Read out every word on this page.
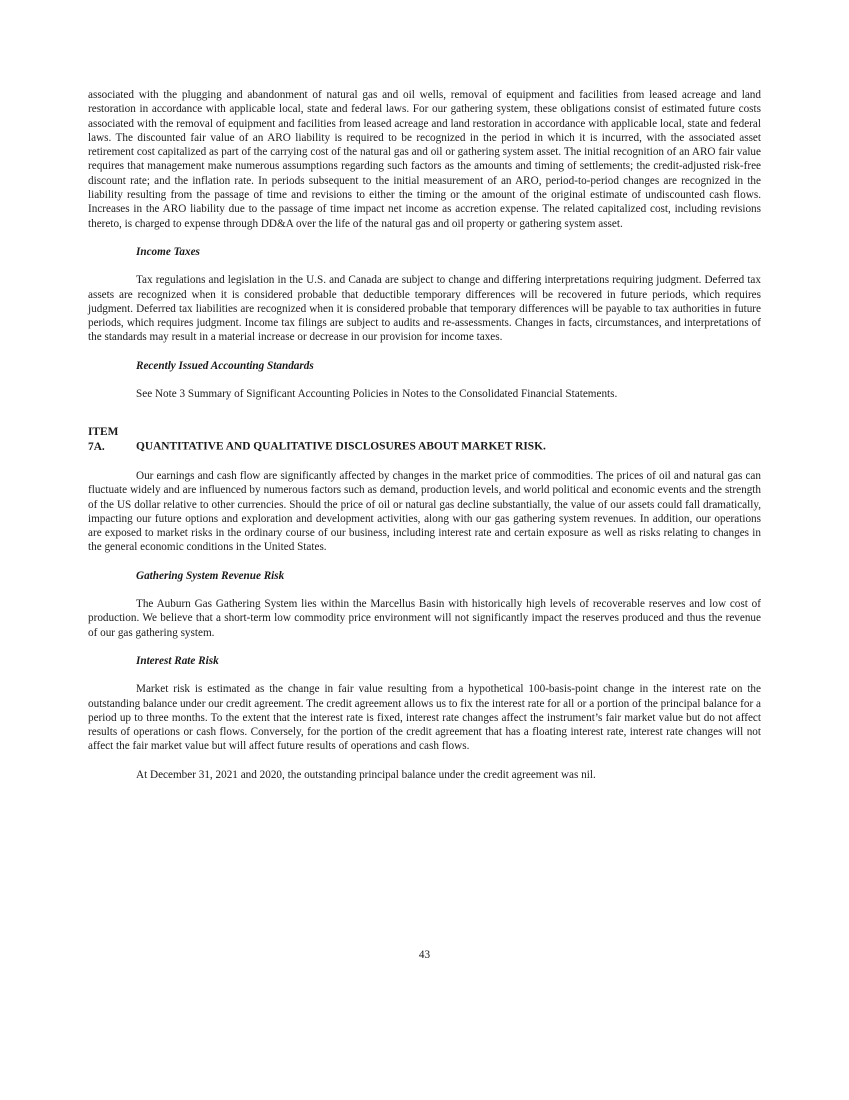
associated with the plugging and abandonment of natural gas and oil wells, removal of equipment and facilities from leased acreage and land restoration in accordance with applicable local, state and federal laws. For our gathering system, these obligations consist of estimated future costs associated with the removal of equipment and facilities from leased acreage and land restoration in accordance with applicable local, state and federal laws. The discounted fair value of an ARO liability is required to be recognized in the period in which it is incurred, with the associated asset retirement cost capitalized as part of the carrying cost of the natural gas and oil or gathering system asset. The initial recognition of an ARO fair value requires that management make numerous assumptions regarding such factors as the amounts and timing of settlements; the credit-adjusted risk-free discount rate; and the inflation rate. In periods subsequent to the initial measurement of an ARO, period-to-period changes are recognized in the liability resulting from the passage of time and revisions to either the timing or the amount of the original estimate of undiscounted cash flows. Increases in the ARO liability due to the passage of time impact net income as accretion expense. The related capitalized cost, including revisions thereto, is charged to expense through DD&A over the life of the natural gas and oil property or gathering system asset.

Income Taxes

Tax regulations and legislation in the U.S. and Canada are subject to change and differing interpretations requiring judgment. Deferred tax assets are recognized when it is considered probable that deductible temporary differences will be recovered in future periods, which requires judgment. Deferred tax liabilities are recognized when it is considered probable that temporary differences will be payable to tax authorities in future periods, which requires judgment. Income tax filings are subject to audits and re-assessments. Changes in facts, circumstances, and interpretations of the standards may result in a material increase or decrease in our provision for income taxes.

Recently Issued Accounting Standards

See Note 3 Summary of Significant Accounting Policies in Notes to the Consolidated Financial Statements.

ITEM 7A.	QUANTITATIVE AND QUALITATIVE DISCLOSURES ABOUT MARKET RISK.

Our earnings and cash flow are significantly affected by changes in the market price of commodities. The prices of oil and natural gas can fluctuate widely and are influenced by numerous factors such as demand, production levels, and world political and economic events and the strength of the US dollar relative to other currencies. Should the price of oil or natural gas decline substantially, the value of our assets could fall dramatically, impacting our future options and exploration and development activities, along with our gas gathering system revenues. In addition, our operations are exposed to market risks in the ordinary course of our business, including interest rate and certain exposure as well as risks relating to changes in the general economic conditions in the United States.

Gathering System Revenue Risk

The Auburn Gas Gathering System lies within the Marcellus Basin with historically high levels of recoverable reserves and low cost of production. We believe that a short-term low commodity price environment will not significantly impact the reserves produced and thus the revenue of our gas gathering system.

Interest Rate Risk

Market risk is estimated as the change in fair value resulting from a hypothetical 100-basis-point change in the interest rate on the outstanding balance under our credit agreement. The credit agreement allows us to fix the interest rate for all or a portion of the principal balance for a period up to three months. To the extent that the interest rate is fixed, interest rate changes affect the instrument’s fair market value but do not affect results of operations or cash flows. Conversely, for the portion of the credit agreement that has a floating interest rate, interest rate changes will not affect the fair market value but will affect future results of operations and cash flows.

At December 31, 2021 and 2020, the outstanding principal balance under the credit agreement was nil.

43
